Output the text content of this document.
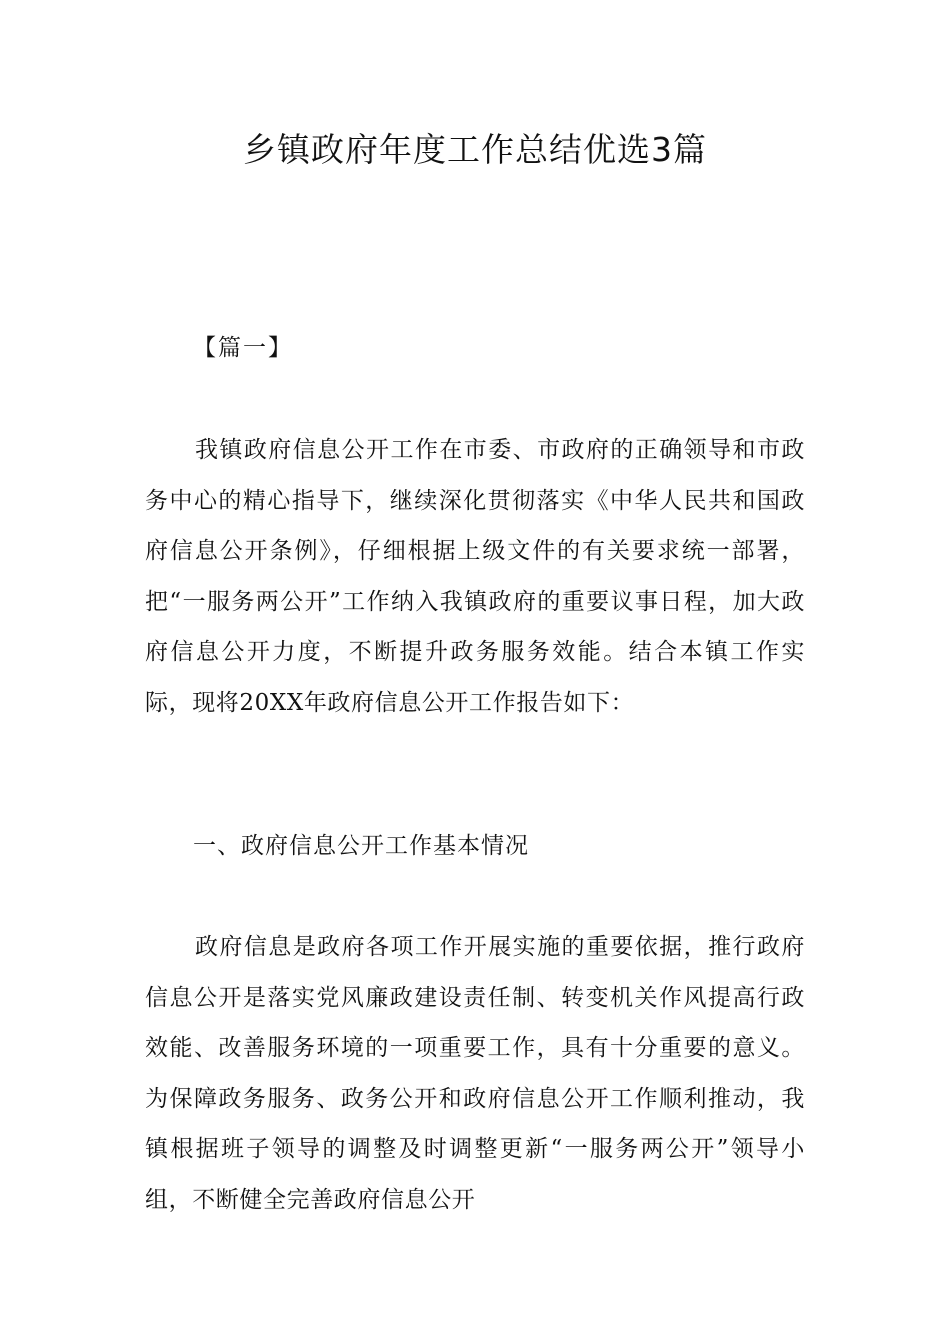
乡镇政府年度工作总结优选3篇

【篇一】

我镇政府信息公开工作在市委、市政府的正确领导和市政务中心的精心指导下，继续深化贯彻落实《中华人民共和国政府信息公开条例》，仔细根据上级文件的有关要求统一部署，把“一服务两公开”工作纳入我镇政府的重要议事日程，加大政府信息公开力度，不断提升政务服务效能。结合本镇工作实际，现将20XX年政府信息公开工作报告如下：

一、政府信息公开工作基本情况

政府信息是政府各项工作开展实施的重要依据，推行政府信息公开是落实党风廉政建设责任制、转变机关作风提高行政效能、改善服务环境的一项重要工作，具有十分重要的意义。为保障政务服务、政务公开和政府信息公开工作顺利推动，我镇根据班子领导的调整及时调整更新“一服务两公开”领导小组，不断健全完善政府信息公开
